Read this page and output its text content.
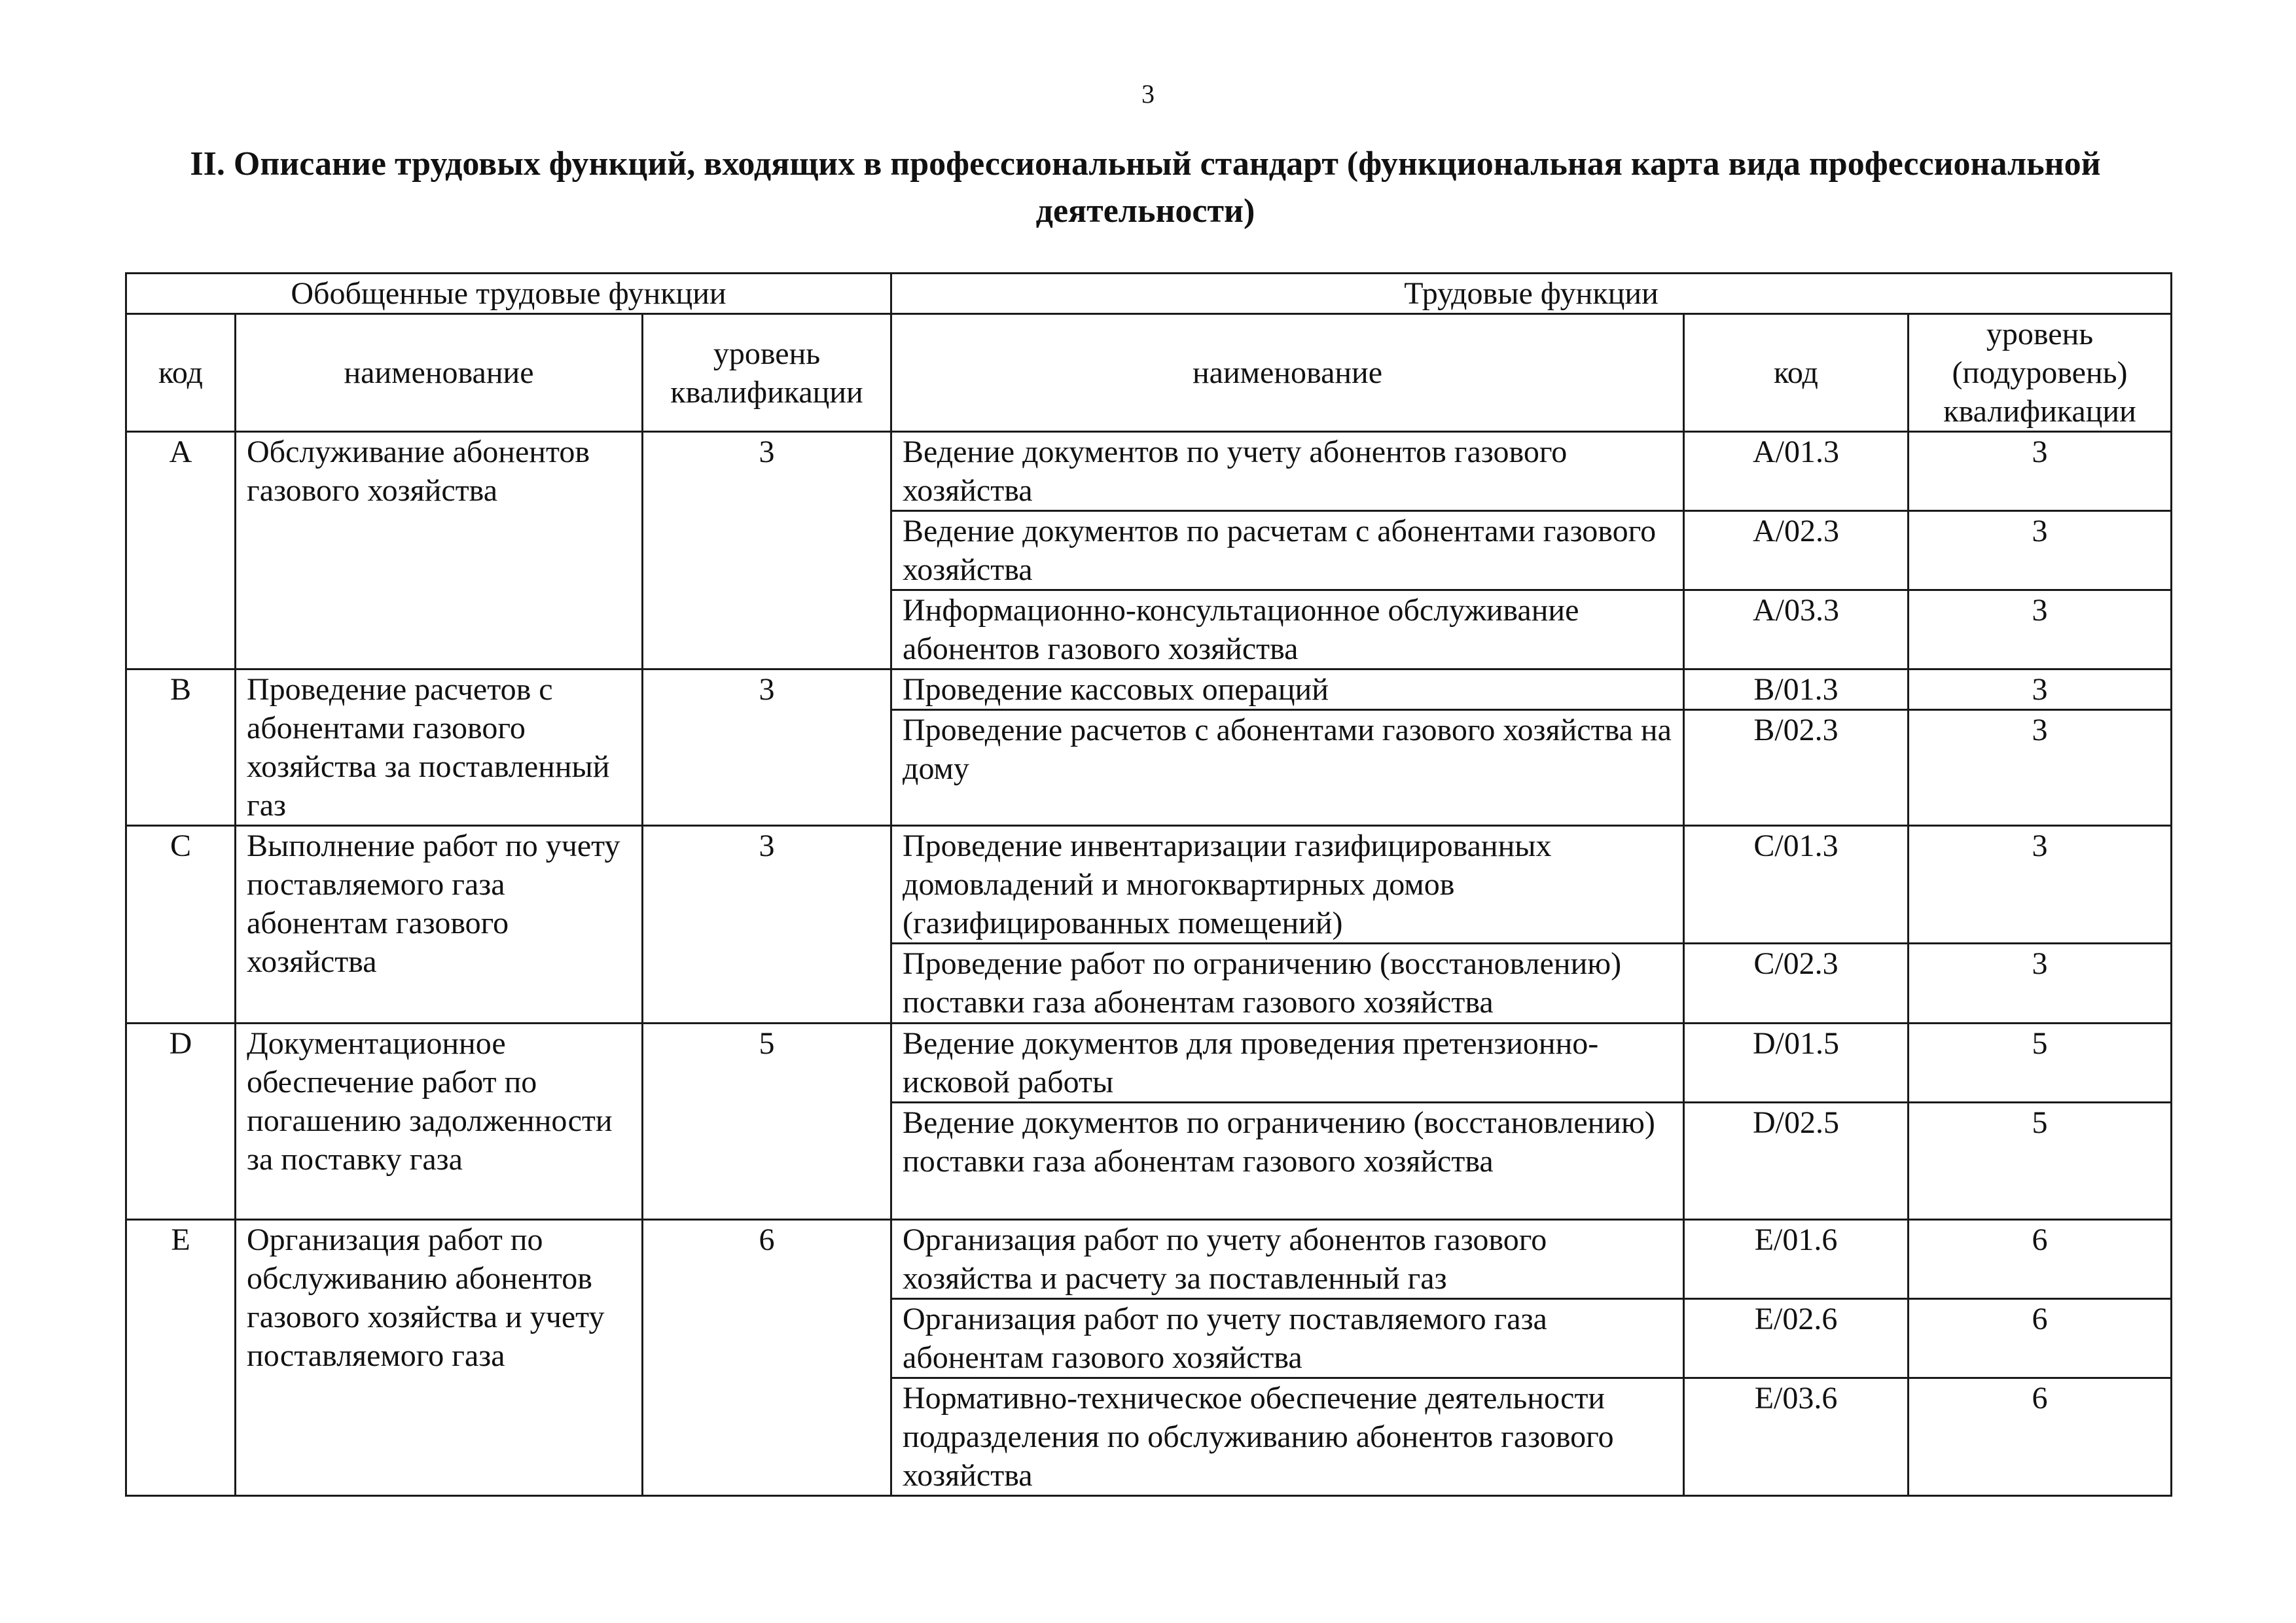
3
II. Описание трудовых функций, входящих в профессиональный стандарт (функциональная карта вида профессиональной деятельности)
Обобщенные трудовые функции			Трудовые функции		
код	наименование	уровень квалификации	наименование	код	уровень (подуровень) квалификации
A	Обслуживание абонентов газового хозяйства	3	Ведение документов по учету абонентов газового хозяйства	A/01.3	3
			Ведение документов по расчетам с абонентами газового хозяйства	A/02.3	3
			Информационно-консультационное обслуживание абонентов газового хозяйства	A/03.3	3
B	Проведение расчетов с абонентами газового хозяйства за поставленный газ	3	Проведение кассовых операций	B/01.3	3
			Проведение расчетов с абонентами газового хозяйства на дому	B/02.3	3
C	Выполнение работ по учету поставляемого газа абонентам газового хозяйства	3	Проведение инвентаризации газифицированных домовладений и многоквартирных домов (газифицированных помещений)	C/01.3	3
			Проведение работ по ограничению (восстановлению) поставки газа абонентам газового хозяйства	C/02.3	3
D	Документационное обеспечение работ по погашению задолженности за поставку газа	5	Ведение документов для проведения претензионно-исковой работы	D/01.5	5
			Ведение документов по ограничению (восстановлению) поставки газа абонентам газового хозяйства	D/02.5	5
E	Организация работ по обслуживанию абонентов газового хозяйства и учету поставляемого газа	6	Организация работ по учету абонентов газового хозяйства и расчету за поставленный газ	E/01.6	6
			Организация работ по учету поставляемого газа абонентам газового хозяйства	E/02.6	6
			Нормативно-техническое обеспечение деятельности подразделения по обслуживанию абонентов газового хозяйства	E/03.6	6
